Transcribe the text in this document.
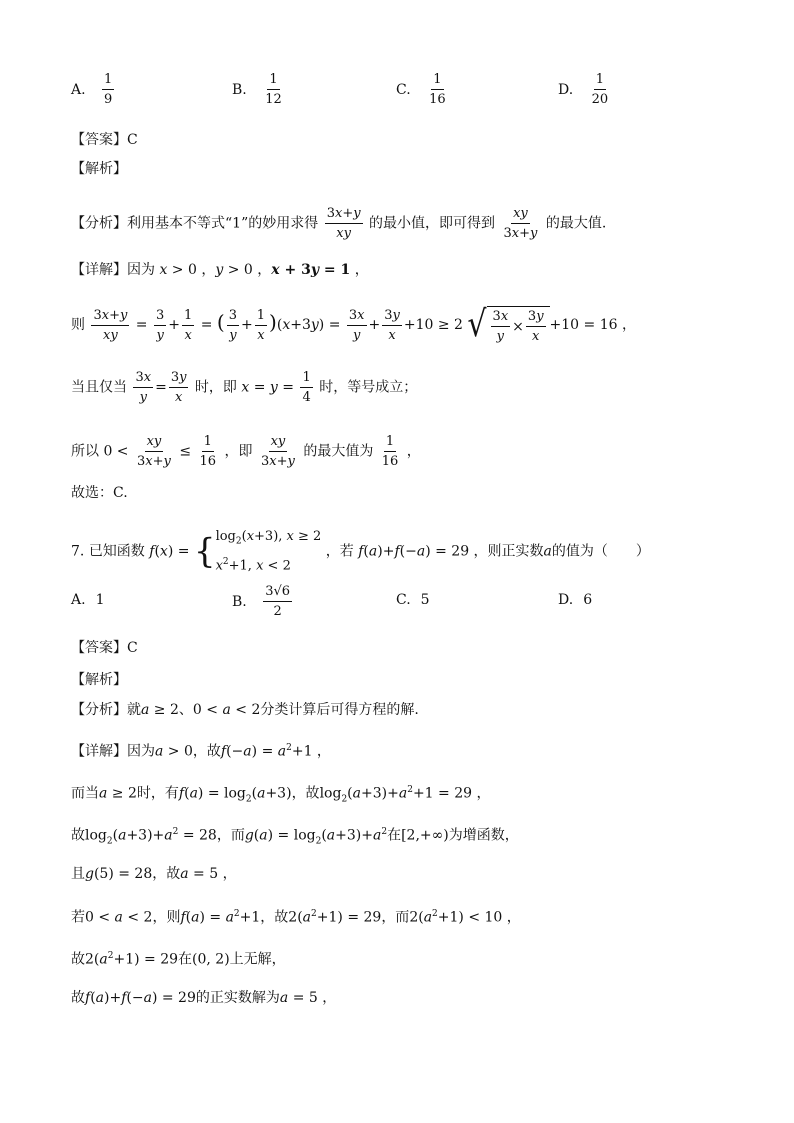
A. $\frac{1}{9}$	B. $\frac{1}{12}$	C. $\frac{1}{16}$	D. $\frac{1}{20}$
【答案】C
【解析】
【分析】利用基本不等式“1”的妙用求得 $\frac{3x+y}{xy}$ 的最小值，即可得到 $\frac{xy}{3x+y}$ 的最大值.
【详解】因为 x > 0 ，y > 0 ，x + 3y = 1 ，
则 $\frac{3x+y}{xy} = \frac{3}{y} + \frac{1}{x}$ = ( $\frac{3}{y} + \frac{1}{x} )(x+3y) = \frac{3x}{y} + \frac{3y}{x} +10 \ge 2$ √ $\frac{3x}{y} \times \frac{3y}{x} +10 = 16$ ，
当且仅当 $\frac{3x}{y} = \frac{3y}{x}$ 时，即 $x = y = \frac{1}{4}$ 时，等号成立；
所以 $0 < \frac{xy}{3x+y} \le \frac{1}{16}$ ，即 $\frac{xy}{3x+y}$ 的最大值为 $\frac{1}{16}$ ，
故选：C.
7. 已知函数 f(x) = { $\log_2(x+3)$, x ≥ 2
$x^2+1$, x < 2
，若 f(a)+f(−a) = 29 ，则正实数a的值为（　　）
A. 1	B. $\frac{3√6}{2}$	C. 5	D. 6
【答案】C
【解析】
【分析】就a ≥ 2、0 < a < 2分类计算后可得方程的解.
【详解】因为a > 0，故$f(-a) = a^2+1$ ，
而当a ≥ 2时，有$f(a) = \log_2(a+3)$，故$\log_2(a+3)+a^2+1 = 29$ ，
故$\log_2(a+3)+a^2 = 28$，而$g(a) = \log_2(a+3)+a^2$在[2,+∞)为增函数，
且g(5) = 28，故a = 5 ，
若0 < a < 2，则$f(a) = a^2+1$，故$2(a^2+1) = 29$，而$2(a^2+1) < 10$ ，
故$2(a^2+1) = 29$在(0, 2)上无解，
故f(a)+f(−a) = 29的正实数解为a = 5 ，
